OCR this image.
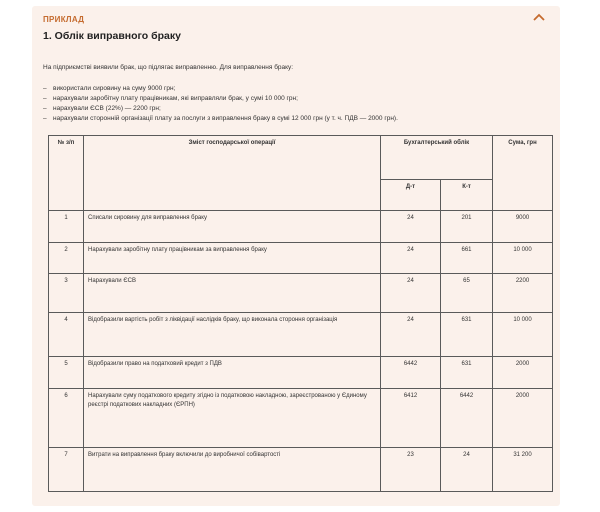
ПРИКЛАД
1. Облік виправного браку
На підприємстві виявили брак, що підлягає виправленню. Для виправлення браку:
– використали сировину на суму 9000 грн;
– нарахували заробітну плату працівникам, які виправляли брак, у сумі 10 000 грн;
– нарахували ЄСВ (22%) — 2200 грн;
– нарахували сторонній організації плату за послуги з виправлення браку в сумі 12 000 грн (у т. ч. ПДВ — 2000 грн).
№ з/п	Зміст господарської операції	Бухгалтерський облік		Сума, грн
		Д-т	К-т	
1	Списали сировину для виправлення браку	24	201	9000
2	Нарахували заробітну плату працівникам за виправлення браку	24	661	10 000
3	Нарахували ЄСВ	24	65	2200
4	Відобразили вартість робіт з ліквідації наслідків браку, що виконала стороння організація	24	631	10 000
5	Відобразили право на податковий кредит з ПДВ	6442	631	2000
6	Нарахували суму податкового кредиту згідно із податковою накладною, зареєстрованою у Єдиному реєстрі податкових накладних (ЄРПН)	6412	6442	2000
7	Витрати на виправлення браку включили до виробничої собівартості	23	24	31 200
